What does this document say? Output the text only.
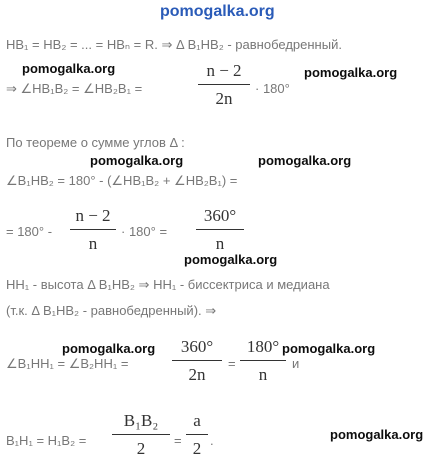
pomogalka.org
HB₁ = HB₂ = ... = HBₙ = R. ⇒ Δ B₁HB₂ - равнобедренный.
pomogalka.org
⇒ ∠HB₁B₂ = ∠HB₂B₁ =
n − 2
2n
· 180°
pomogalka.org
По теореме о сумме углов Δ :
pomogalka.org	pomogalka.org
∠B₁HB₂ = 180° - (∠HB₁B₂ + ∠HB₂B₁) =
= 180° -
n − 2
n
· 180° =
360°
n
pomogalka.org
HH₁ - высота Δ B₁HB₂ ⇒ HH₁ - биссектриса и медиана
(т.к. Δ B₁HB₂ - равнобедренный). ⇒
pomogalka.org	pomogalka.org
∠B₁HH₁ = ∠B₂HH₁ =
360°
2n
=
180°
n
и
B₁H₁ = H₁B₂ =
B₁B₂
2	=
a
2 .	pomogalka.org
